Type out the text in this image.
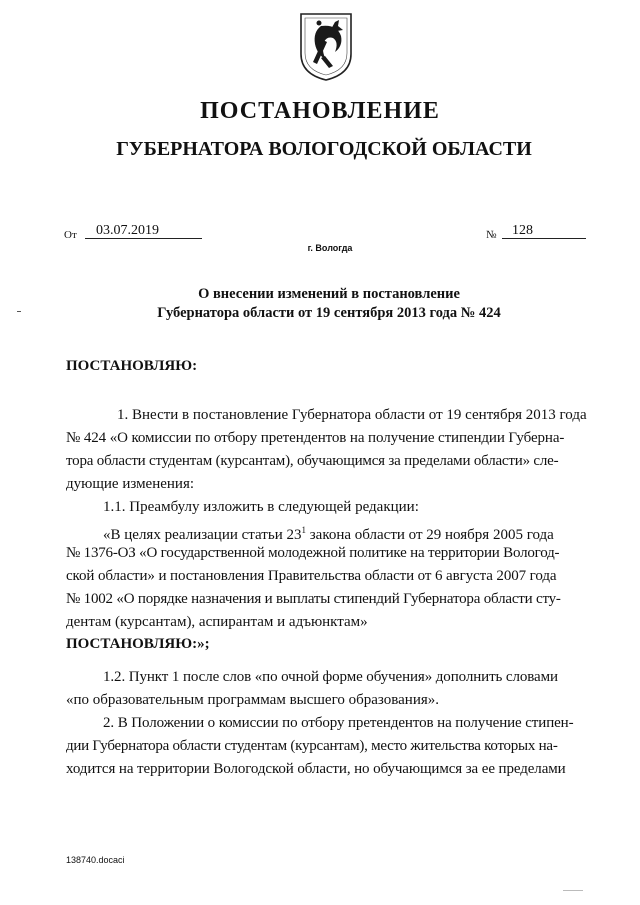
ПОСТАНОВЛЕНИЕ
ГУБЕРНАТОРА ВОЛОГОДСКОЙ ОБЛАСТИ
От	03.07.2019	№	128
г. Вологда
О внесении изменений в постановление
Губернатора области от 19 сентября 2013 года № 424
ПОСТАНОВЛЯЮ:
1. Внести в постановление Губернатора области от 19 сентября 2013 года
№ 424 «О комиссии по отбору претендентов на получение стипендии Губерна-
тора области студентам (курсантам), обучающимся за пределами области» сле-
дующие изменения:
1.1. Преамбулу изложить в следующей редакции:
«В целях реализации статьи $23^1$ закона области от 29 ноября 2005 года
№ 1376-ОЗ «О государственной молодежной политике на территории Вологод-
ской области» и постановления Правительства области от 6 августа 2007 года
№ 1002 «О порядке назначения и выплаты стипендий Губернатора области сту-
дентам (курсантам), аспирантам и адъюнктам»
ПОСТАНОВЛЯЮ:»;
1.2. Пункт 1 после слов «по очной форме обучения» дополнить словами
«по образовательным программам высшего образования».
2. В Положении о комиссии по отбору претендентов на получение стипен-
дии Губернатора области студентам (курсантам), место жительства которых на-
ходится на территории Вологодской области, но обучающимся за ее пределами
138740.docaci
